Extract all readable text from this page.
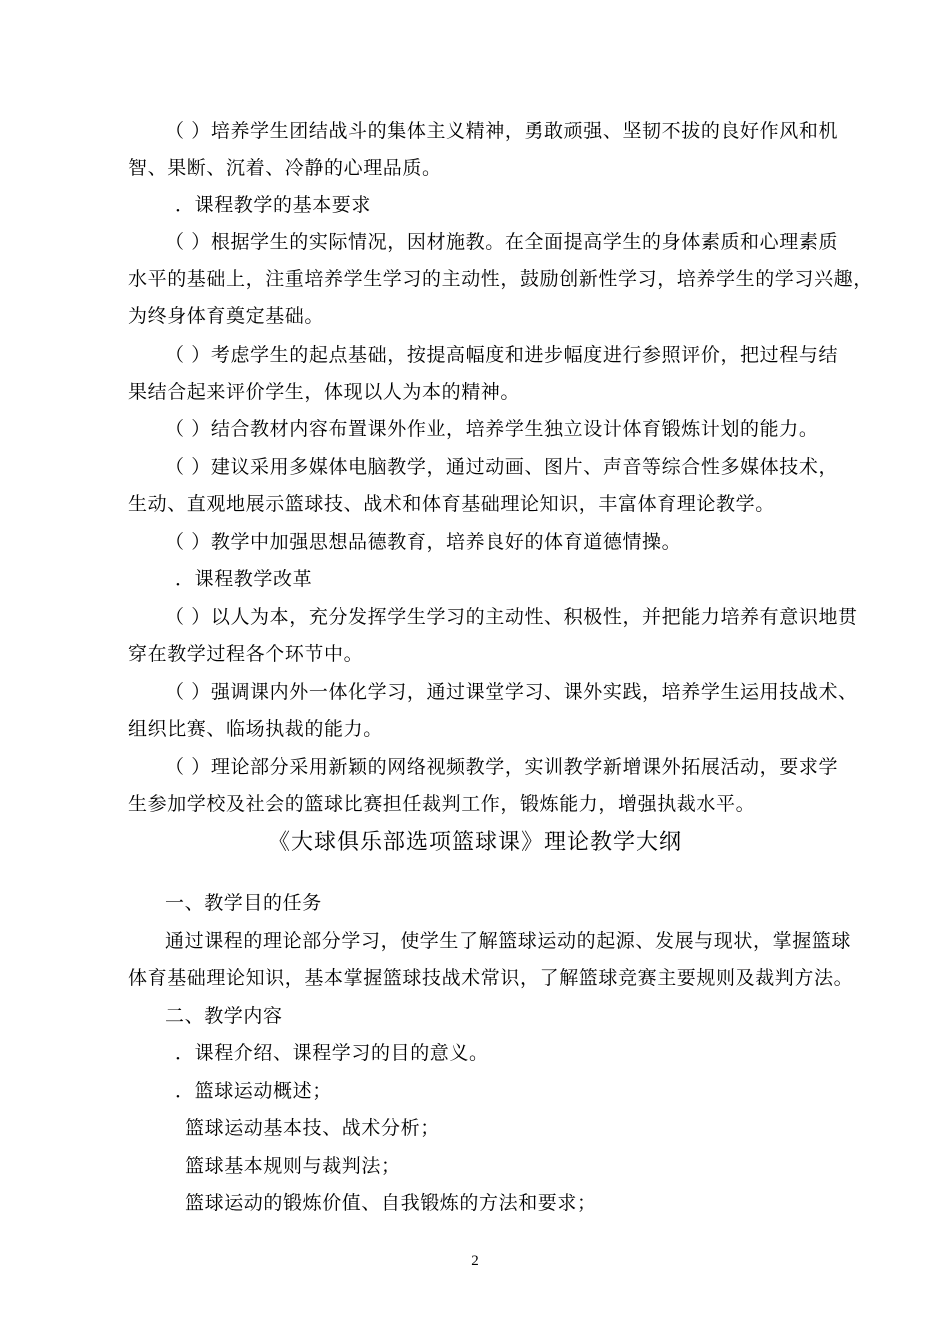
（ ）培养学生团结战斗的集体主义精神，勇敢顽强、坚韧不拔的良好作风和机
智、果断、沉着、冷静的心理品质。
．课程教学的基本要求
（ ）根据学生的实际情况，因材施教。在全面提高学生的身体素质和心理素质
水平的基础上，注重培养学生学习的主动性，鼓励创新性学习，培养学生的学习兴趣，
为终身体育奠定基础。
（ ）考虑学生的起点基础，按提高幅度和进步幅度进行参照评价，把过程与结
果结合起来评价学生，体现以人为本的精神。
（ ）结合教材内容布置课外作业，培养学生独立设计体育锻炼计划的能力。
（ ）建议采用多媒体电脑教学，通过动画、图片、声音等综合性多媒体技术，
生动、直观地展示篮球技、战术和体育基础理论知识，丰富体育理论教学。
（ ）教学中加强思想品德教育，培养良好的体育道德情操。
．课程教学改革
（ ）以人为本，充分发挥学生学习的主动性、积极性，并把能力培养有意识地贯
穿在教学过程各个环节中。
（ ）强调课内外一体化学习，通过课堂学习、课外实践，培养学生运用技战术、
组织比赛、临场执裁的能力。
（ ）理论部分采用新颖的网络视频教学，实训教学新增课外拓展活动，要求学
生参加学校及社会的篮球比赛担任裁判工作，锻炼能力，增强执裁水平。
《大球俱乐部选项篮球课》理论教学大纲
一、教学目的任务
通过课程的理论部分学习，使学生了解篮球运动的起源、发展与现状，掌握篮球
体育基础理论知识，基本掌握篮球技战术常识，了解篮球竞赛主要规则及裁判方法。
二、教学内容
．课程介绍、课程学习的目的意义。
．篮球运动概述；
篮球运动基本技、战术分析；
篮球基本规则与裁判法；
篮球运动的锻炼价值、自我锻炼的方法和要求；
2
